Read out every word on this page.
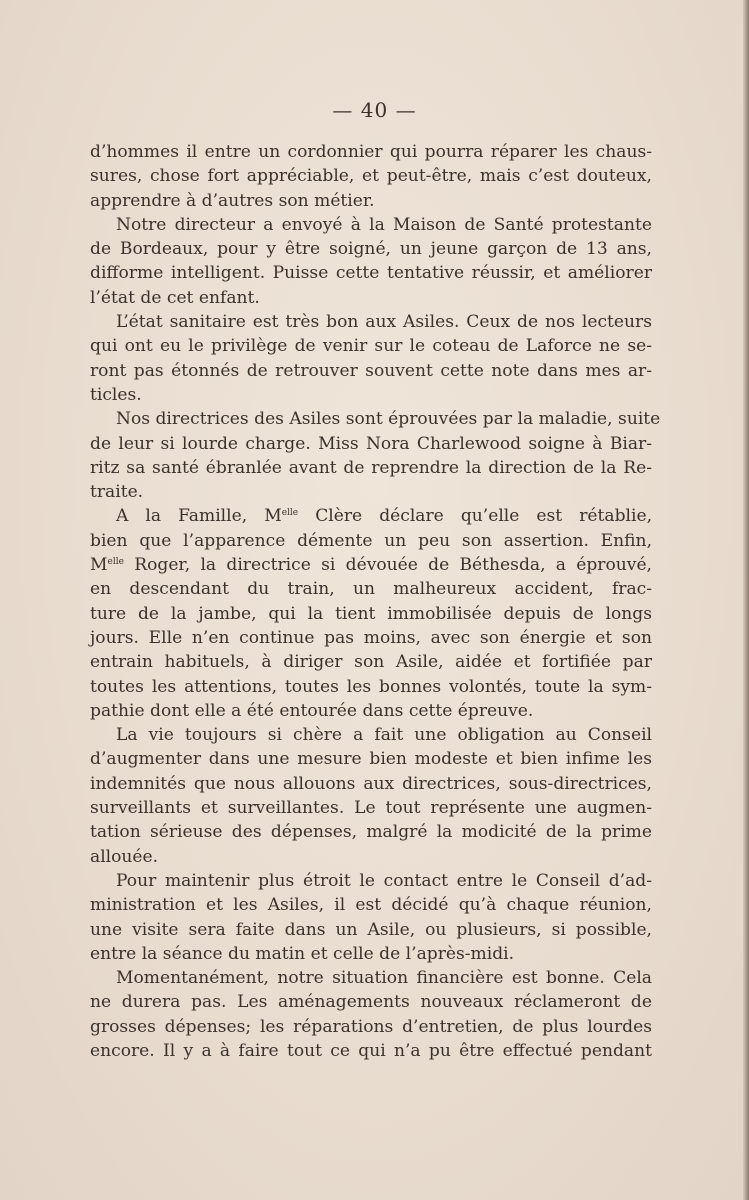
— 40 —
d’hommes il entre un cordonnier qui pourra réparer les chaus-
sures, chose fort appréciable, et peut-être, mais c’est douteux,
apprendre à d’autres son métier.
Notre directeur a envoyé à la Maison de Santé protestante
de Bordeaux, pour y être soigné, un jeune garçon de 13 ans,
difforme intelligent. Puisse cette tentative réussir, et améliorer
l’état de cet enfant.
L’état sanitaire est très bon aux Asiles. Ceux de nos lecteurs
qui ont eu le privilège de venir sur le coteau de Laforce ne se-
ront pas étonnés de retrouver souvent cette note dans mes ar-
ticles.
Nos directrices des Asiles sont éprouvées par la maladie, suite
de leur si lourde charge. Miss Nora Charlewood soigne à Biar-
ritz sa santé ébranlée avant de reprendre la direction de la Re-
traite.
A la Famille, $M^{elle}$ Clère déclare qu’elle est rétablie,
bien que l’apparence démente un peu son assertion. Enfin,
$M^{elle}$ Roger, la directrice si dévouée de Béthesda, a éprouvé,
en descendant du train, un malheureux accident, frac-
ture de la jambe, qui la tient immobilisée depuis de longs
jours. Elle n’en continue pas moins, avec son énergie et son
entrain habituels, à diriger son Asile, aidée et fortifiée par
toutes les attentions, toutes les bonnes volontés, toute la sym-
pathie dont elle a été entourée dans cette épreuve.
La vie toujours si chère a fait une obligation au Conseil
d’augmenter dans une mesure bien modeste et bien infime les
indemnités que nous allouons aux directrices, sous-directrices,
surveillants et surveillantes. Le tout représente une augmen-
tation sérieuse des dépenses, malgré la modicité de la prime
allouée.
Pour maintenir plus étroit le contact entre le Conseil d’ad-
ministration et les Asiles, il est décidé qu’à chaque réunion,
une visite sera faite dans un Asile, ou plusieurs, si possible,
entre la séance du matin et celle de l’après-midi.
Momentanément, notre situation financière est bonne. Cela
ne durera pas. Les aménagements nouveaux réclameront de
grosses dépenses; les réparations d’entretien, de plus lourdes
encore. Il y a à faire tout ce qui n’a pu être effectué pendant
